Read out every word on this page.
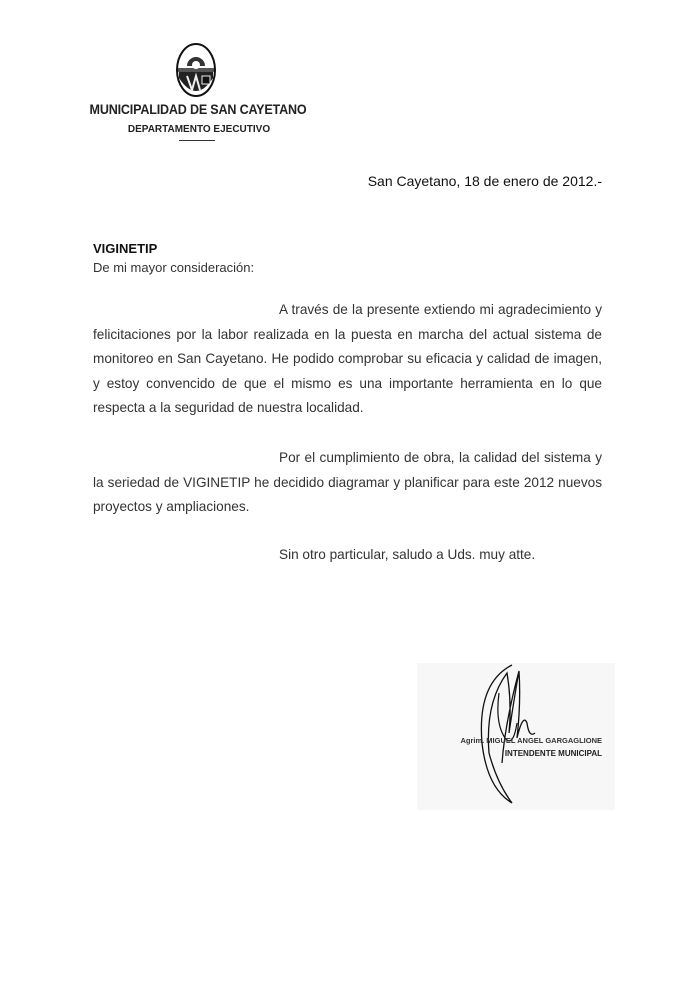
MUNICIPALIDAD DE SAN CAYETANO
DEPARTAMENTO EJECUTIVO
San Cayetano, 18 de enero de 2012.-
VIGINETIP
De mi mayor consideración:

A través de la presente extiendo mi agradecimiento y felicitaciones por la labor realizada en la puesta en marcha del actual sistema de monitoreo en San Cayetano. He podido comprobar su eficacia y calidad de imagen, y estoy convencido de que el mismo es una importante herramienta en lo que respecta a la seguridad de nuestra localidad.

Por el cumplimiento de obra, la calidad del sistema y la seriedad de VIGINETIP he decidido diagramar y planificar para este 2012 nuevos proyectos y ampliaciones.

Sin otro particular, saludo a Uds. muy atte.
Agrim. MIGUEL ANGEL GARGAGLIONE
INTENDENTE MUNICIPAL
